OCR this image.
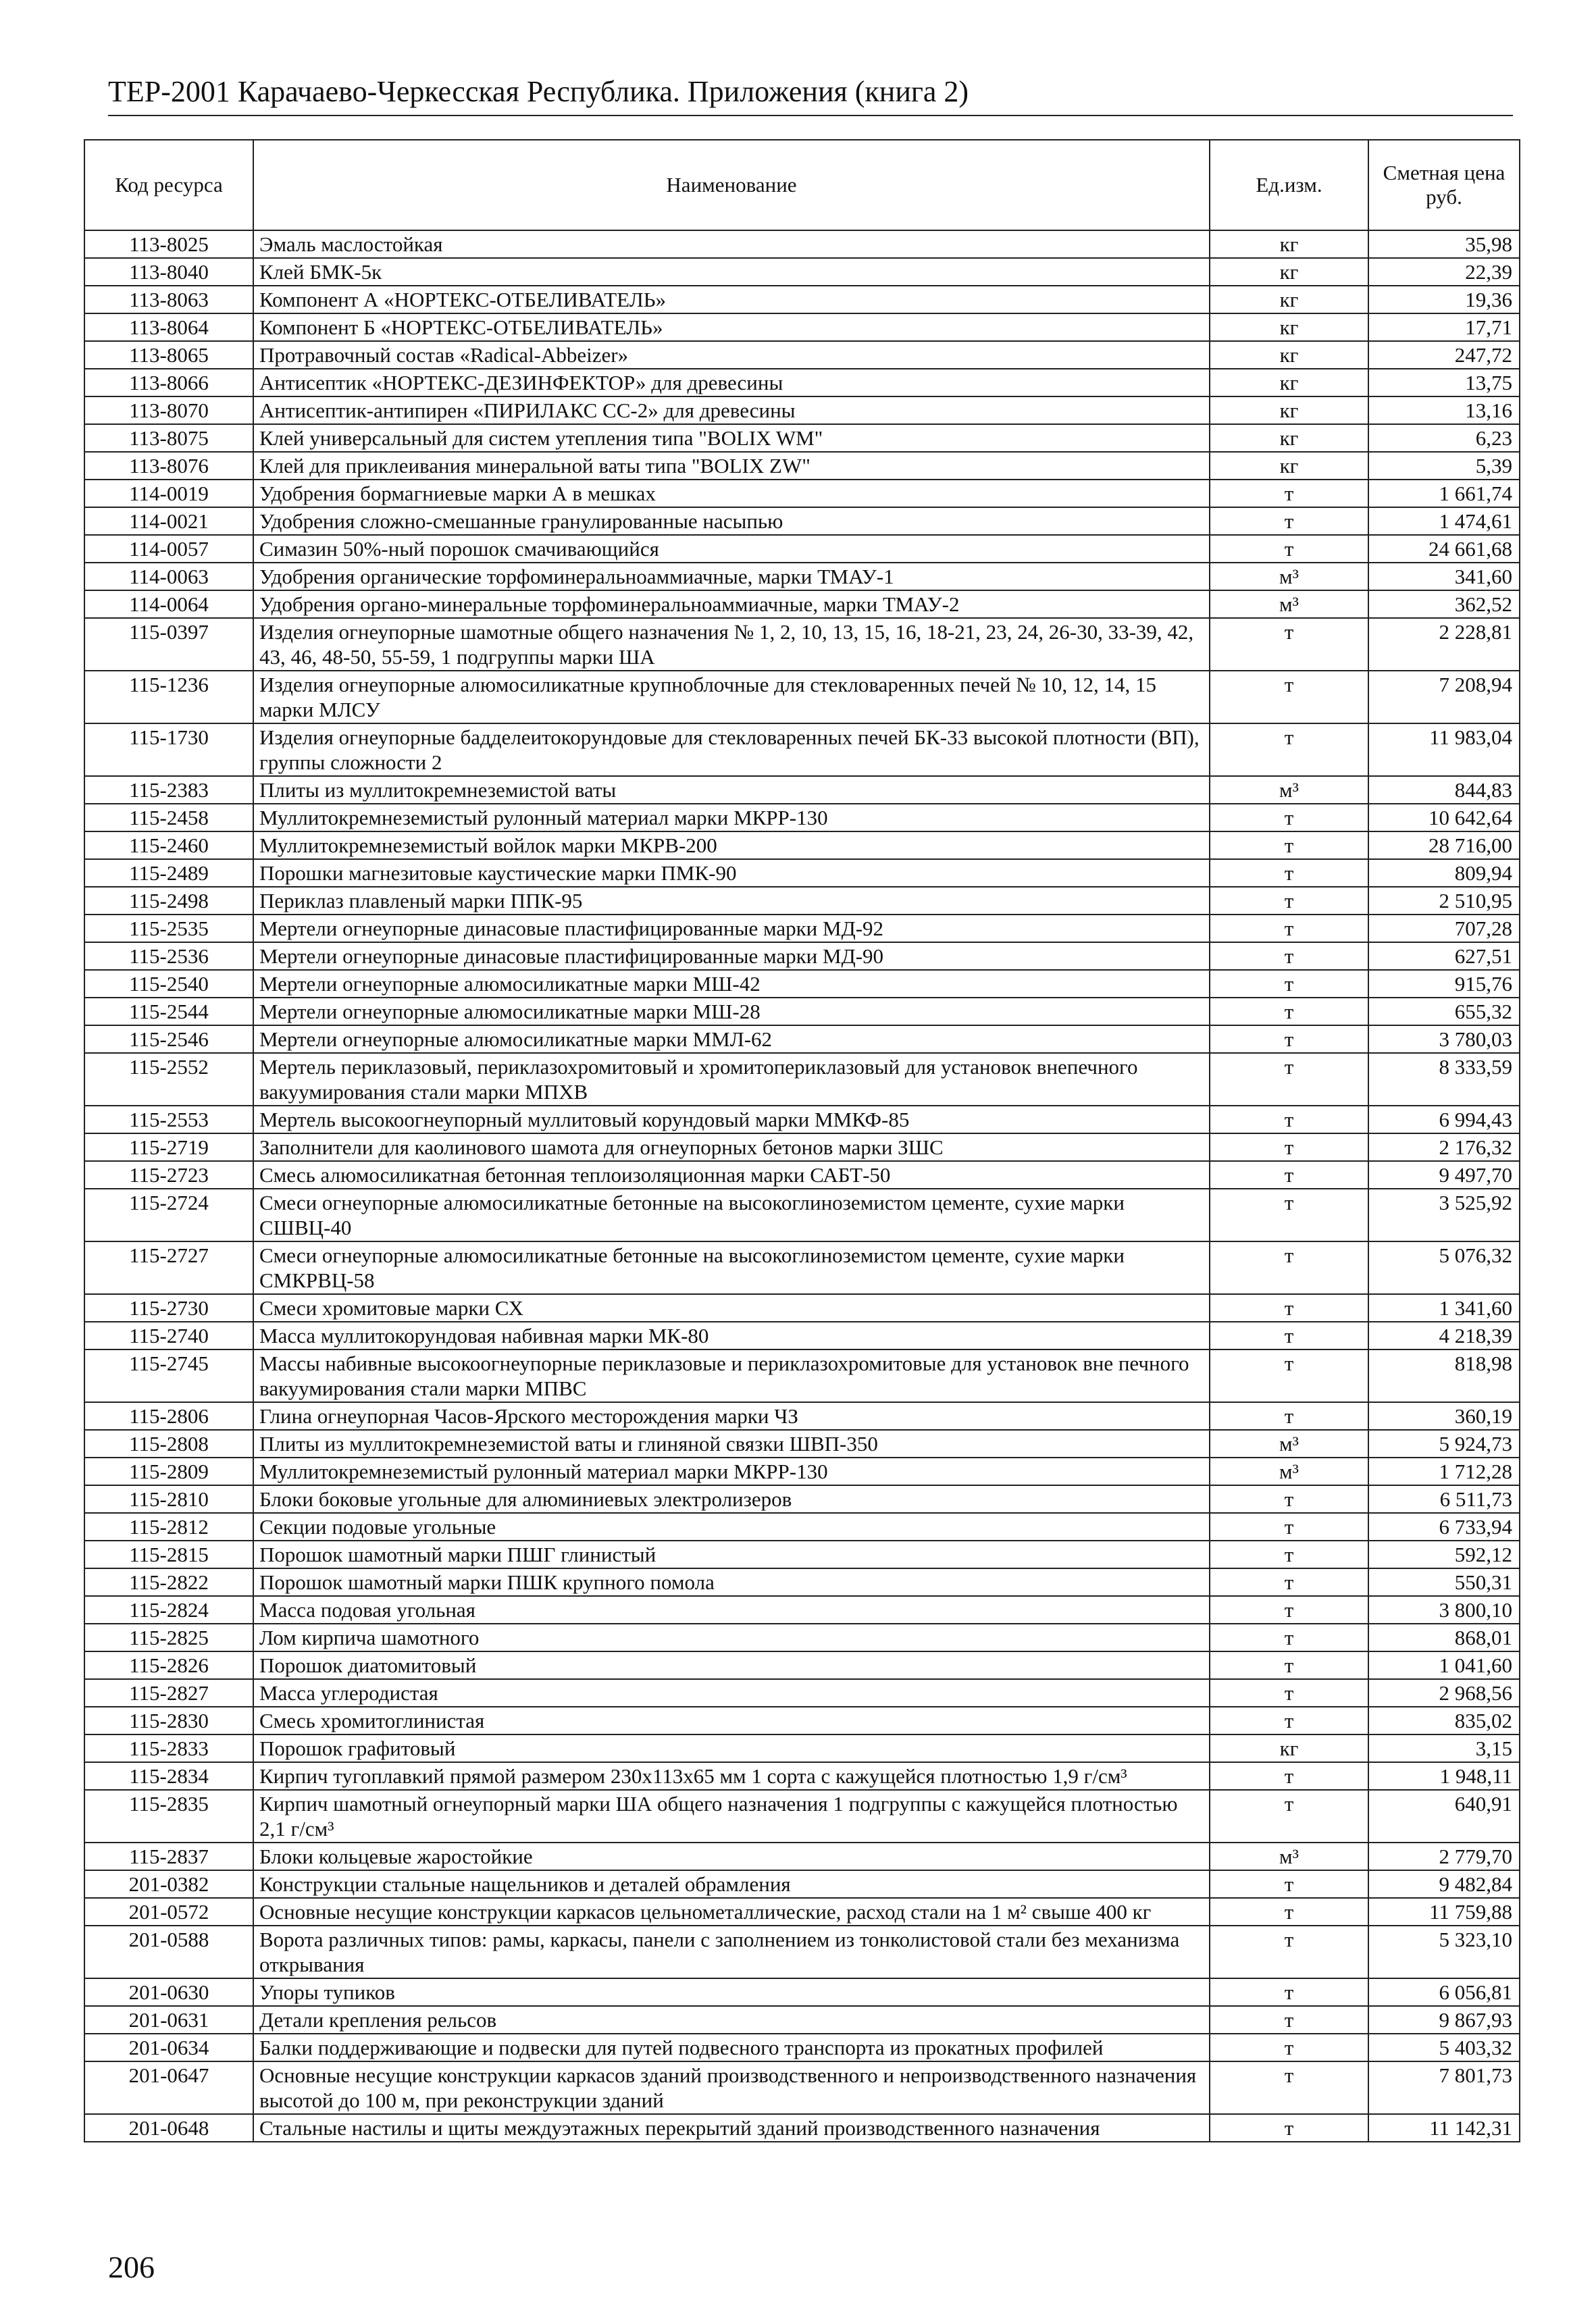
ТЕР-2001 Карачаево-Черкесская Республика. Приложения (книга 2)
Код ресурса	Наименование	Ед.изм.	Сметная цена руб.
113-8025	Эмаль маслостойкая	кг	35,98
113-8040	Клей БМК-5к	кг	22,39
113-8063	Компонент А «НОРТЕКС-ОТБЕЛИВАТЕЛЬ»	кг	19,36
113-8064	Компонент Б «НОРТЕКС-ОТБЕЛИВАТЕЛЬ»	кг	17,71
113-8065	Протравочный состав «Radical-Abbeizer»	кг	247,72
113-8066	Антисептик «НОРТЕКС-ДЕЗИНФЕКТОР» для древесины	кг	13,75
113-8070	Антисептик-антипирен «ПИРИЛАКС СС-2» для древесины	кг	13,16
113-8075	Клей универсальный для систем утепления типа "BOLIX WM"	кг	6,23
113-8076	Клей для приклеивания минеральной ваты типа "BOLIX ZW"	кг	5,39
114-0019	Удобрения бормагниевые марки А в мешках	т	1 661,74
114-0021	Удобрения сложно-смешанные гранулированные насыпью	т	1 474,61
114-0057	Симазин 50%-ный порошок смачивающийся	т	24 661,68
114-0063	Удобрения органические торфоминеральноаммиачные, марки ТМАУ-1	м³	341,60
114-0064	Удобрения органо-минеральные торфоминеральноаммиачные, марки ТМАУ-2	м³	362,52
115-0397	Изделия огнеупорные шамотные общего назначения № 1, 2, 10, 13, 15, 16, 18-21, 23, 24, 26-30, 33-39, 42, 43, 46, 48-50, 55-59, 1 подгруппы марки ША	т	2 228,81
115-1236	Изделия огнеупорные алюмосиликатные крупноблочные для стекловаренных печей № 10, 12, 14, 15 марки МЛСУ	т	7 208,94
115-1730	Изделия огнеупорные бадделеитокорундовые для стекловаренных печей БК-33 высокой плотности (ВП), группы сложности 2	т	11 983,04
115-2383	Плиты из муллитокремнеземистой ваты	м³	844,83
115-2458	Муллитокремнеземистый рулонный материал марки МКРР-130	т	10 642,64
115-2460	Муллитокремнеземистый войлок марки МКРВ-200	т	28 716,00
115-2489	Порошки магнезитовые каустические марки ПМК-90	т	809,94
115-2498	Периклаз плавленый марки ППК-95	т	2 510,95
115-2535	Мертели огнеупорные динасовые пластифицированные марки МД-92	т	707,28
115-2536	Мертели огнеупорные динасовые пластифицированные марки МД-90	т	627,51
115-2540	Мертели огнеупорные алюмосиликатные марки МШ-42	т	915,76
115-2544	Мертели огнеупорные алюмосиликатные марки МШ-28	т	655,32
115-2546	Мертели огнеупорные алюмосиликатные марки ММЛ-62	т	3 780,03
115-2552	Мертель периклазовый, периклазохромитовый и хромитопериклазовый для установок внепечного вакуумирования стали марки МПХВ	т	8 333,59
115-2553	Мертель высокоогнеупорный муллитовый корундовый марки ММКФ-85	т	6 994,43
115-2719	Заполнители для каолинового шамота для огнеупорных бетонов марки ЗШС	т	2 176,32
115-2723	Смесь алюмосиликатная бетонная теплоизоляционная марки САБТ-50	т	9 497,70
115-2724	Смеси огнеупорные алюмосиликатные бетонные на высокоглиноземистом цементе, сухие марки СШВЦ-40	т	3 525,92
115-2727	Смеси огнеупорные алюмосиликатные бетонные на высокоглиноземистом цементе, сухие марки СМКРВЦ-58	т	5 076,32
115-2730	Смеси хромитовые марки СХ	т	1 341,60
115-2740	Масса муллитокорундовая набивная марки МК-80	т	4 218,39
115-2745	Массы набивные высокоогнеупорные периклазовые и периклазохромитовые для установок вне печного вакуумирования стали марки МПВС	т	818,98
115-2806	Глина огнеупорная Часов-Ярского месторождения марки ЧЗ	т	360,19
115-2808	Плиты из муллитокремнеземистой ваты и глиняной связки ШВП-350	м³	5 924,73
115-2809	Муллитокремнеземистый рулонный материал марки МКРР-130	м³	1 712,28
115-2810	Блоки боковые угольные для алюминиевых электролизеров	т	6 511,73
115-2812	Секции подовые угольные	т	6 733,94
115-2815	Порошок шамотный марки ПШГ глинистый	т	592,12
115-2822	Порошок шамотный марки ПШК крупного помола	т	550,31
115-2824	Масса подовая угольная	т	3 800,10
115-2825	Лом кирпича шамотного	т	868,01
115-2826	Порошок диатомитовый	т	1 041,60
115-2827	Масса углеродистая	т	2 968,56
115-2830	Смесь хромитоглинистая	т	835,02
115-2833	Порошок графитовый	кг	3,15
115-2834	Кирпич тугоплавкий прямой размером 230х113х65 мм 1 сорта с кажущейся плотностью 1,9 г/см³	т	1 948,11
115-2835	Кирпич шамотный огнеупорный марки ША общего назначения 1 подгруппы с кажущейся плотностью 2,1 г/см³	т	640,91
115-2837	Блоки кольцевые жаростойкие	м³	2 779,70
201-0382	Конструкции стальные нащельников и деталей обрамления	т	9 482,84
201-0572	Основные несущие конструкции каркасов цельнометаллические, расход стали на 1 м² свыше 400 кг	т	11 759,88
201-0588	Ворота различных типов: рамы, каркасы, панели с заполнением из тонколистовой стали без механизма открывания	т	5 323,10
201-0630	Упоры тупиков	т	6 056,81
201-0631	Детали крепления рельсов	т	9 867,93
201-0634	Балки поддерживающие и подвески для путей подвесного транспорта из прокатных профилей	т	5 403,32
201-0647	Основные несущие конструкции каркасов зданий производственного и непроизводственного назначения высотой до 100 м, при реконструкции зданий	т	7 801,73
201-0648	Стальные настилы и щиты междуэтажных перекрытий зданий производственного назначения	т	11 142,31
206
